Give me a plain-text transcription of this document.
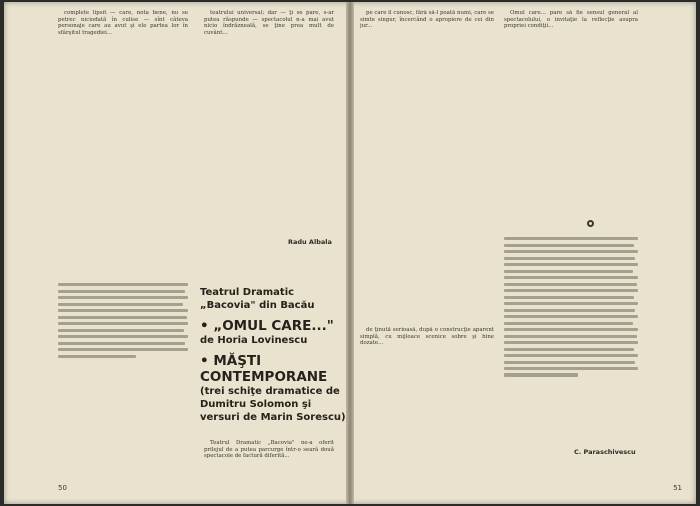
complete lipsit — care, nota bene, nu se petrec niciodată în culise — sînt câteva personaje care au avut şi ele partea lor în sfârşitul tragediei...

teatrului universal; dar — ţi se pare, s-ar putea răspunde — spectacolul n-a mai avut nicio îndrăzneală, se ţine prea mult de cuvânt...

Radu Albala
Teatrul Dramatic „Bacovia" din Bacău
• „OMUL CARE..."
de Horia Lovinescu
• MĂŞTI CONTEMPORANE
(trei schiţe dramatice de Dumitru Solomon şi versuri de Marin Sorescu)

Teatrul Dramatic „Bacovia" ne-a oferit prilejul de a putea parcurge într-o seară două spectacole de factură diferită...

50

pe care îl cunosc, fără să-l poată numi, care se simte singur, încercând o apropiere de cei din jur...

Omul care... pare să fie sensul general al spectacolului, o invitaţie la reflecţie asupra propriei condiţii...

de ţinută serioasă, după o construcţie aparent simplă, cu mijloace scenice sobre şi bine dozate...

C. Paraschivescu
51
